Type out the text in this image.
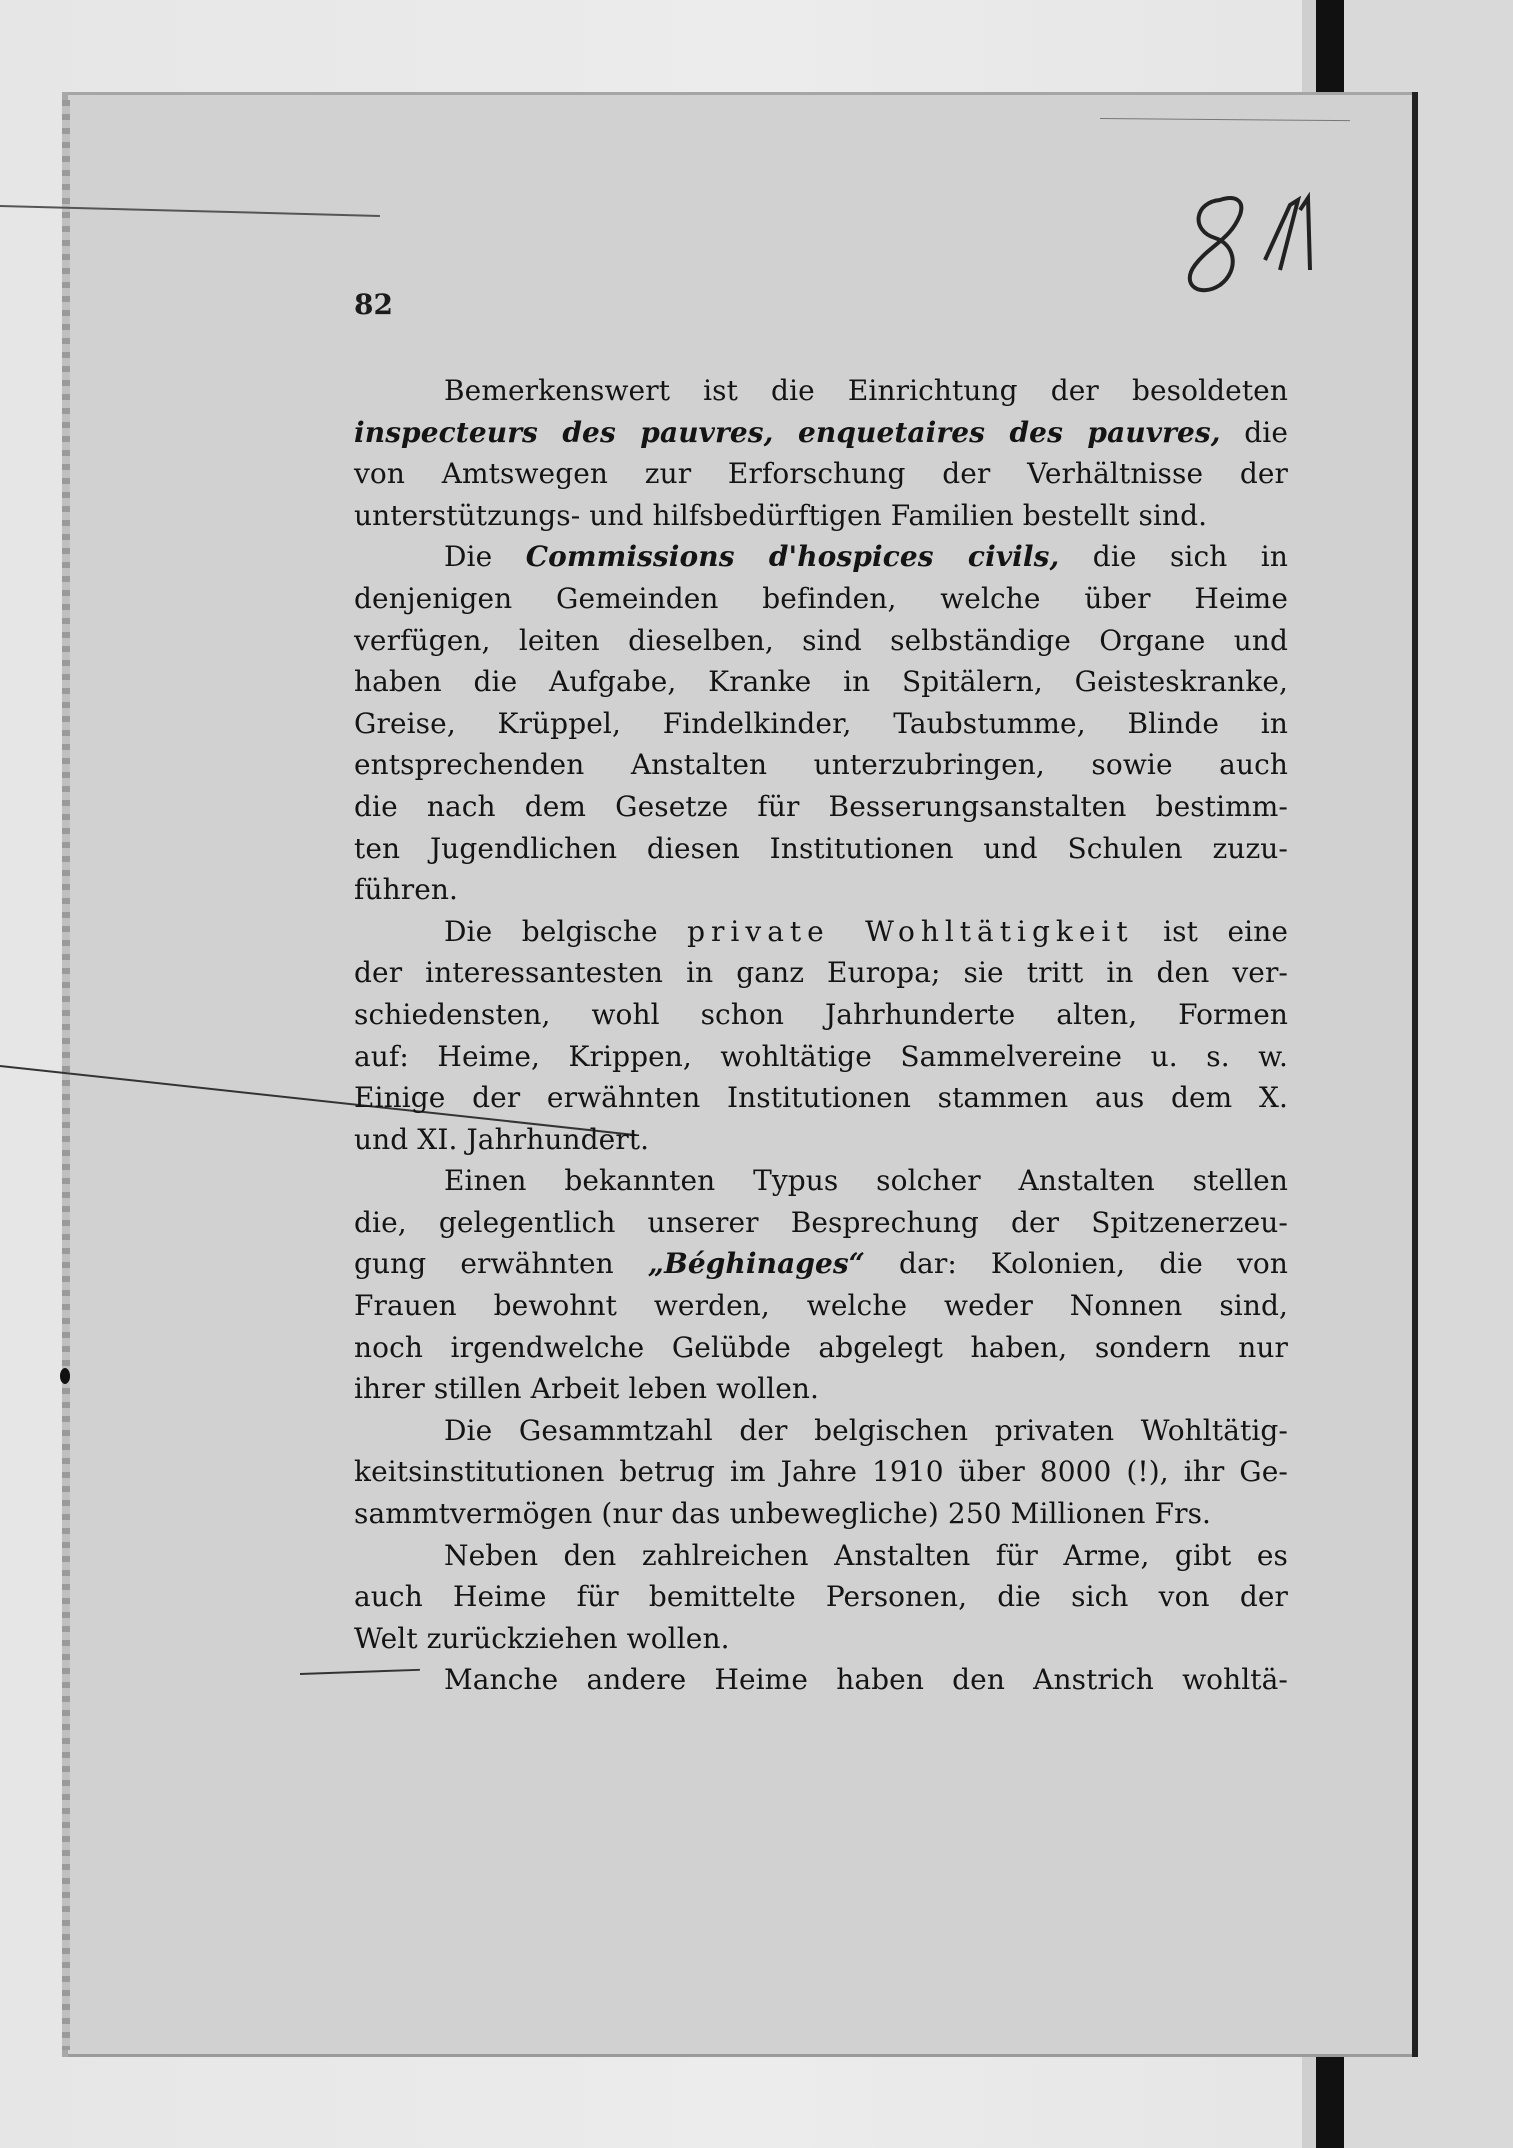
82
Bemerkenswert ist die Einrichtung der besoldeten
inspecteurs des pauvres, enquetaires des pauvres, die
von Amtswegen zur Erforschung der Verhältnisse der
unterstützungs- und hilfsbedürftigen Familien bestellt sind.
Die Commissions d'hospices civils, die sich in
denjenigen Gemeinden befinden, welche über Heime
verfügen, leiten dieselben, sind selbständige Organe und
haben die Aufgabe, Kranke in Spitälern, Geisteskranke,
Greise, Krüppel, Findelkinder, Taubstumme, Blinde in
entsprechenden Anstalten unterzubringen, sowie auch
die nach dem Gesetze für Besserungsanstalten bestimm-
ten Jugendlichen diesen Institutionen und Schulen zuzu-
führen.
Die belgische private Wohltätigkeit ist eine
der interessantesten in ganz Europa; sie tritt in den ver-
schiedensten, wohl schon Jahrhunderte alten, Formen
auf: Heime, Krippen, wohltätige Sammelvereine u. s. w.
Einige der erwähnten Institutionen stammen aus dem X.
und XI. Jahrhundert.
Einen bekannten Typus solcher Anstalten stellen
die, gelegentlich unserer Besprechung der Spitzenerzeu-
gung erwähnten „Béghinages“ dar: Kolonien, die von
Frauen bewohnt werden, welche weder Nonnen sind,
noch irgendwelche Gelübde abgelegt haben, sondern nur
ihrer stillen Arbeit leben wollen.
Die Gesammtzahl der belgischen privaten Wohltätig-
keitsinstitutionen betrug im Jahre 1910 über 8000 (!), ihr Ge-
sammtvermögen (nur das unbewegliche) 250 Millionen Frs.
Neben den zahlreichen Anstalten für Arme, gibt es
auch Heime für bemittelte Personen, die sich von der
Welt zurückziehen wollen.
Manche andere Heime haben den Anstrich wohltä-
